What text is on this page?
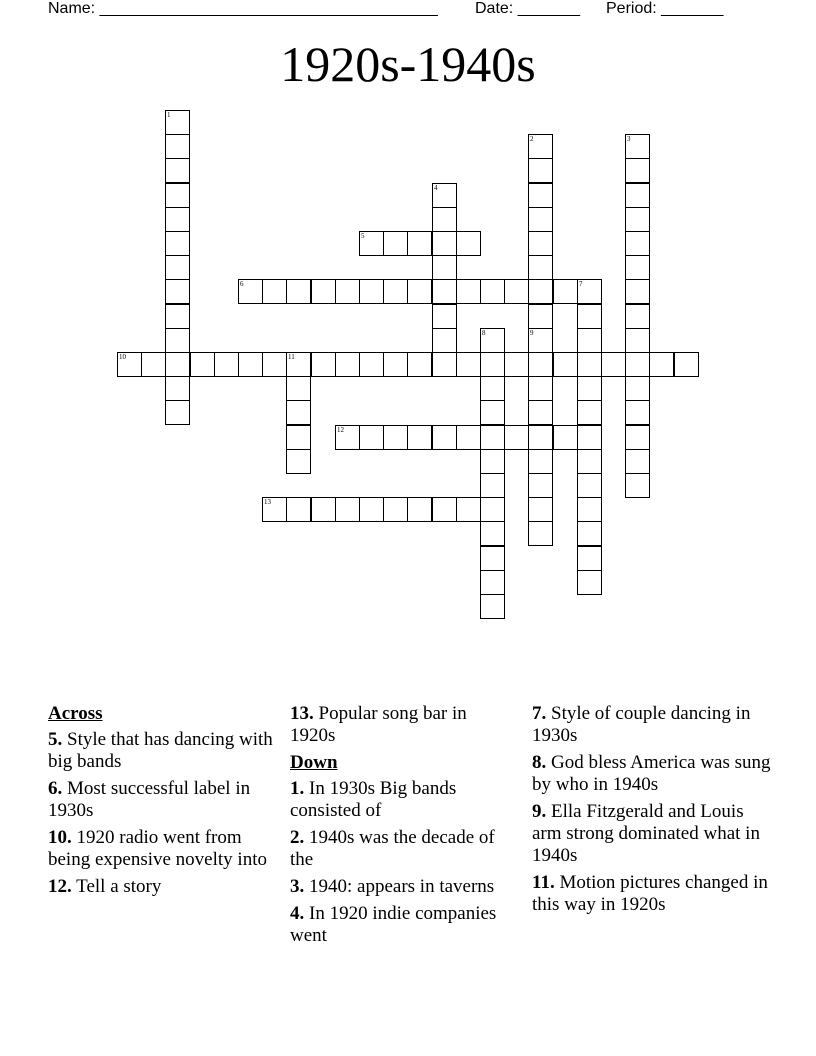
Name: ______________________________________ Date: _______ Period: _______
1920s-1940s
1
2
9
3
4
5
6	7
8
10	11
12
13
Across
5. Style that has dancing with big bands
6. Most successful label in 1930s
10. 1920 radio went from being expensive novelty into
12. Tell a story
13. Popular song bar in 1920s
Down
1. In 1930s Big bands consisted of
2. 1940s was the decade of the
3. 1940: appears in taverns
4. In 1920 indie companies went
7. Style of couple dancing in 1930s
8. God bless America was sung by who in 1940s
9. Ella Fitzgerald and Louis arm strong dominated what in 1940s
11. Motion pictures changed in this way in 1920s
